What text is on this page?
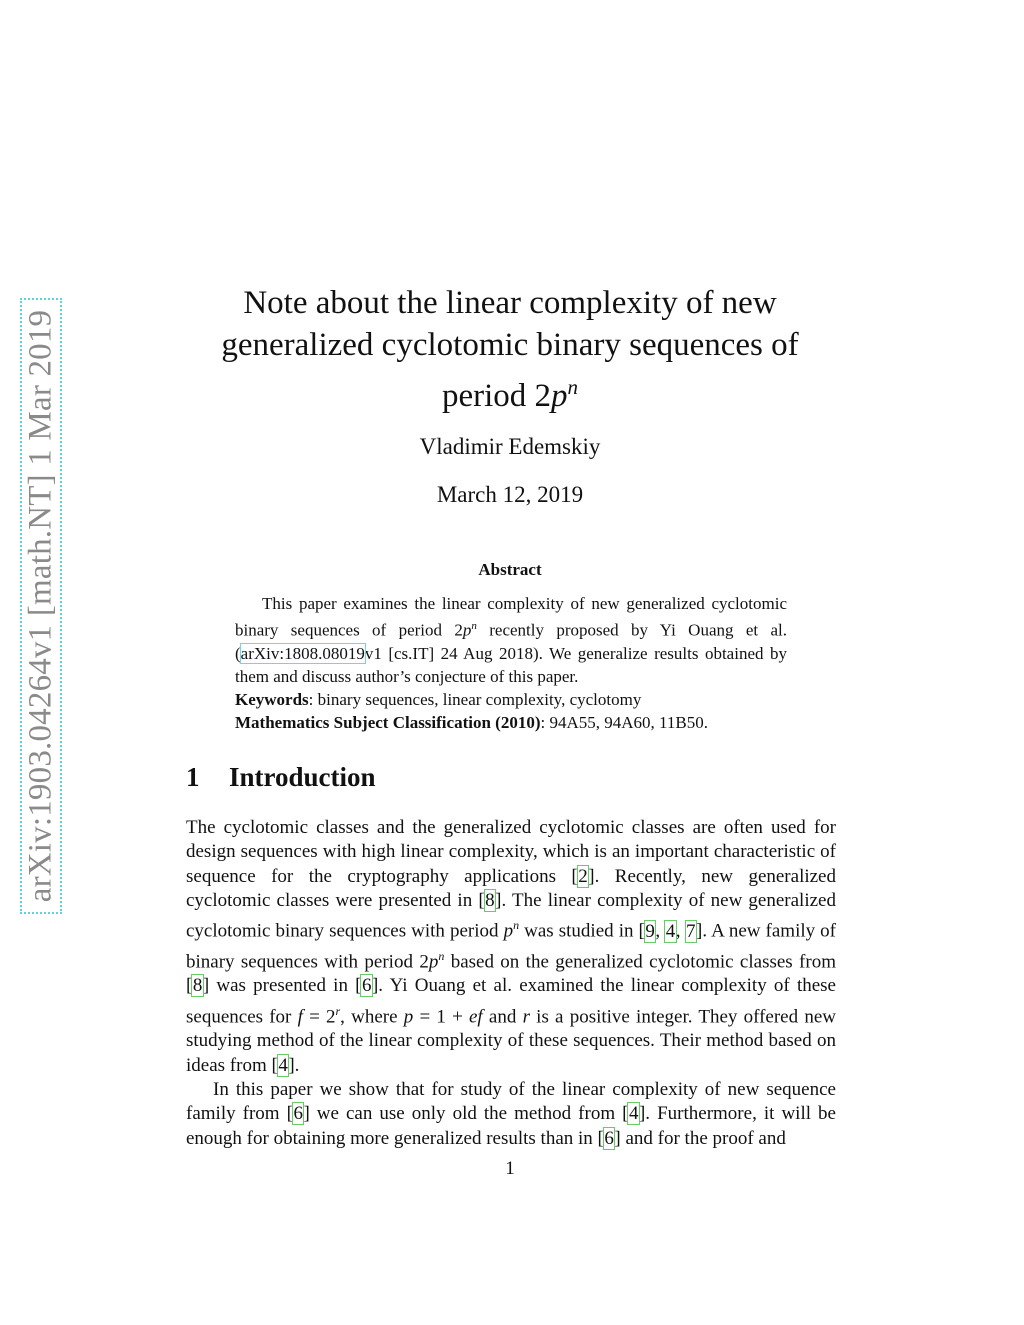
arXiv:1903.04264v1 [math.NT] 1 Mar 2019
Note about the linear complexity of new
generalized cyclotomic binary sequences of
period $2p^n$
Vladimir Edemskiy
March 12, 2019
Abstract

This paper examines the linear complexity of new generalized cyclotomic binary sequences of period $2p^n$ recently proposed by Yi Ouang et al. (arXiv:1808.08019v1 [cs.IT] 24 Aug 2018). We generalize results obtained by them and discuss author’s conjecture of this paper.

Keywords: binary sequences, linear complexity, cyclotomy

Mathematics Subject Classification (2010): 94A55, 94A60, 11B50.

1 Introduction

The cyclotomic classes and the generalized cyclotomic classes are often used for design sequences with high linear complexity, which is an important characteristic of sequence for the cryptography applications [2]. Recently, new generalized cyclotomic classes were presented in [8]. The linear complexity of new generalized cyclotomic binary sequences with period $p^n$ was studied in [9, 4, 7]. A new family of binary sequences with period $2p^n$ based on the generalized cyclotomic classes from [8] was presented in [6]. Yi Ouang et al. examined the linear complexity of these sequences for $f = 2^r$, where p = 1 + ef and r is a positive integer. They offered new studying method of the linear complexity of these sequences. Their method based on ideas from [4].

In this paper we show that for study of the linear complexity of new sequence family from [6] we can use only old the method from [4]. Furthermore, it will be enough for obtaining more generalized results than in [6] and for the proof and

1
